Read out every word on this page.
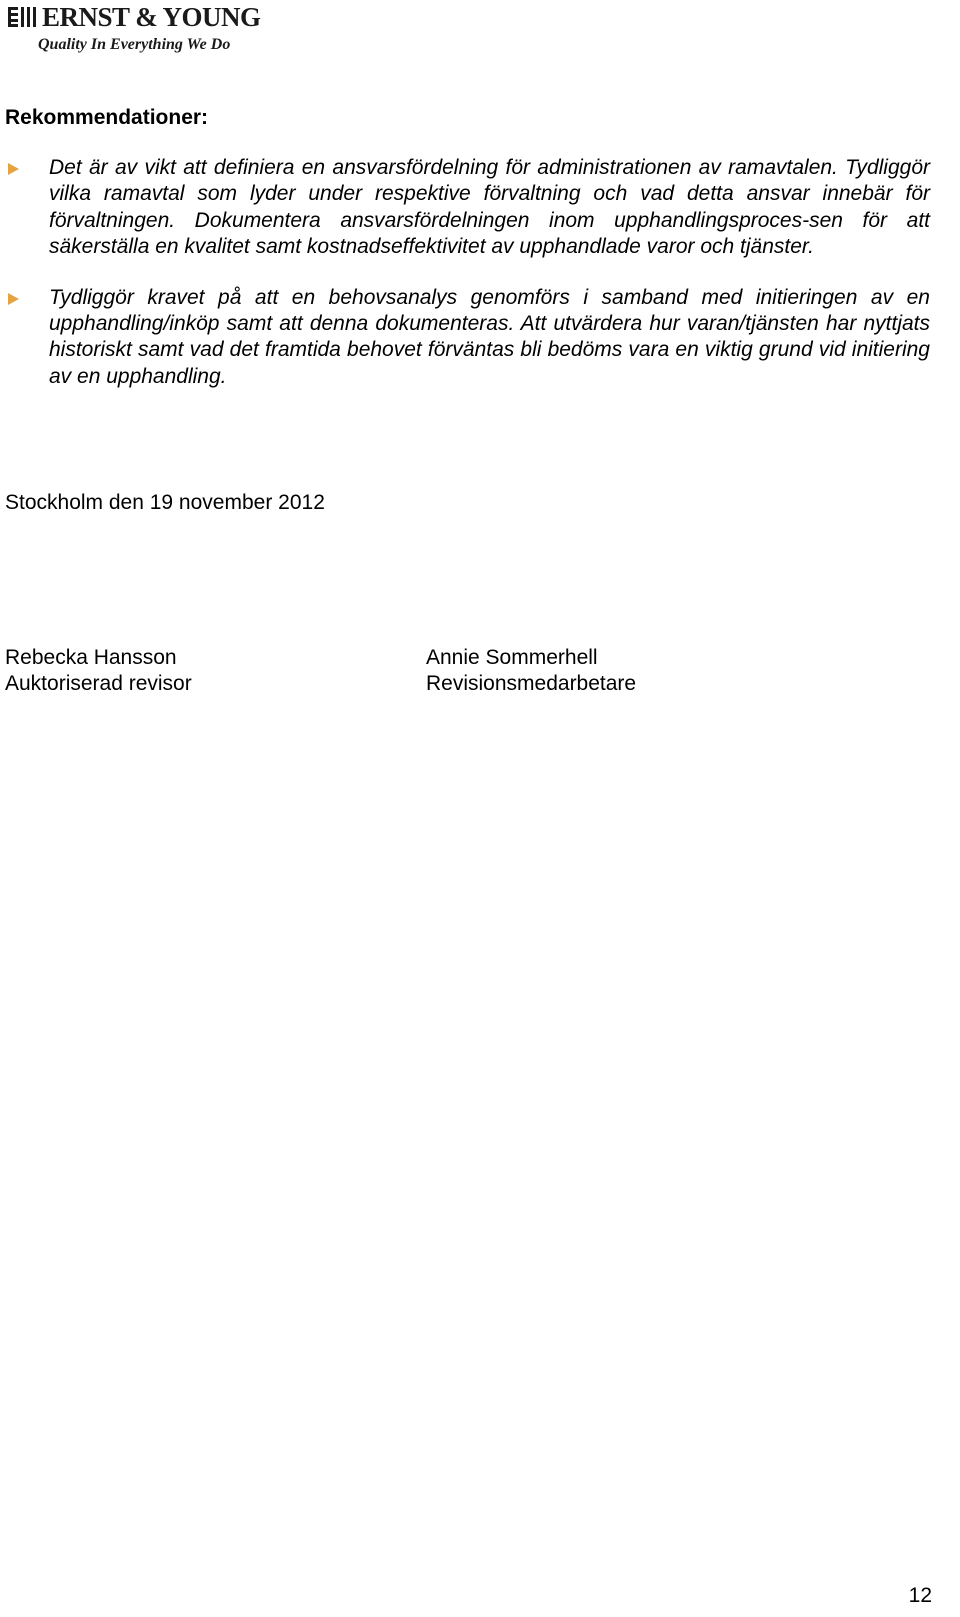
ERNST & YOUNG
Quality In Everything We Do
Rekommendationer:
Det är av vikt att definiera en ansvarsfördelning för administrationen av ramavtalen. Tydliggör vilka ramavtal som lyder under respektive förvaltning och vad detta ansvar innebär för förvaltningen. Dokumentera ansvarsfördelningen inom upphandlingsproces-sen för att säkerställa en kvalitet samt kostnadseffektivitet av upphandlade varor och tjänster.
Tydliggör kravet på att en behovsanalys genomförs i samband med initieringen av en upphandling/inköp samt att denna dokumenteras. Att utvärdera hur varan/tjänsten har nyttjats historiskt samt vad det framtida behovet förväntas bli bedöms vara en viktig grund vid initiering av en upphandling.

Stockholm den 19 november 2012

Rebecka Hansson
Auktoriserad revisor
Annie Sommerhell
Revisionsmedarbetare
12
